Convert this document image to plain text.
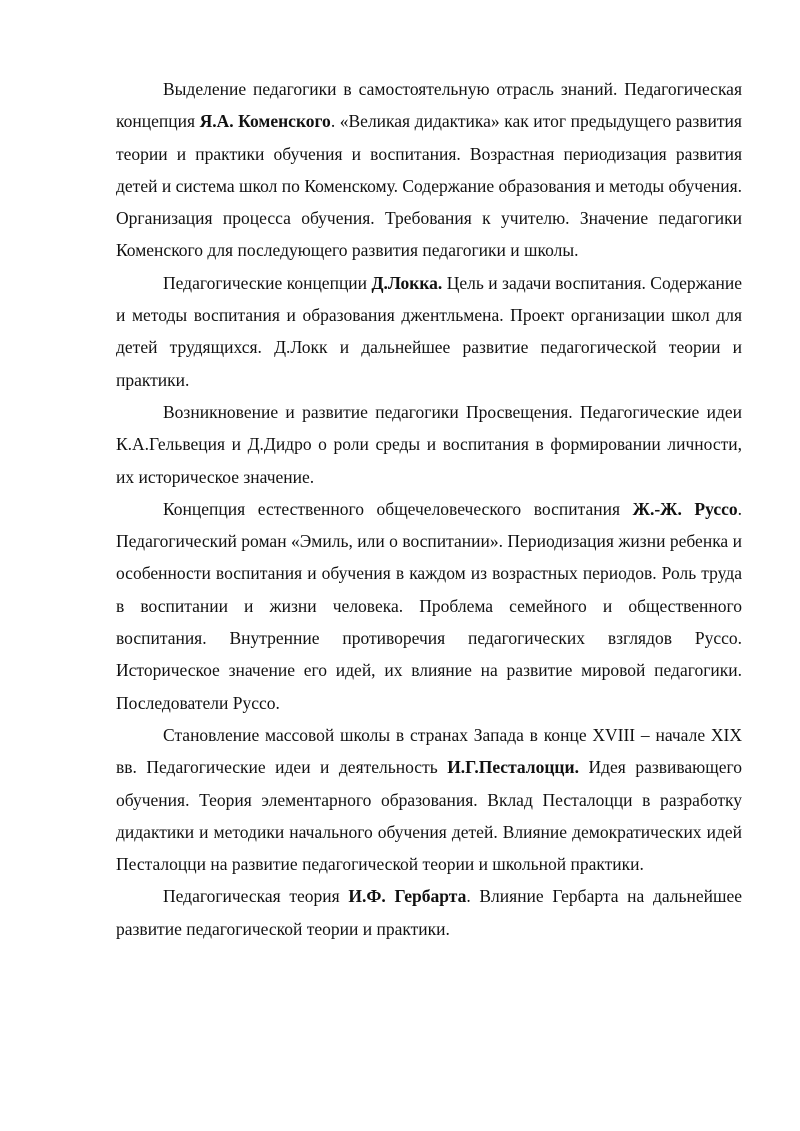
Выделение педагогики в самостоятельную отрасль знаний. Педагогическая концепция Я.А. Коменского. «Великая дидактика» как итог предыдущего развития теории и практики обучения и воспитания. Возрастная периодизация развития детей и система школ по Коменскому. Содержание образования и методы обучения. Организация процесса обучения. Требования к учителю. Значение педагогики Коменского для последующего развития педагогики и школы.

Педагогические концепции Д.Локка. Цель и задачи воспитания. Содержание и методы воспитания и образования джентльмена. Проект организации школ для детей трудящихся. Д.Локк и дальнейшее развитие педагогической теории и практики.

Возникновение и развитие педагогики Просвещения. Педагогические идеи К.А.Гельвеция и Д.Дидро о роли среды и воспитания в формировании личности, их историческое значение.

Концепция естественного общечеловеческого воспитания Ж.-Ж. Руссо. Педагогический роман «Эмиль, или о воспитании». Периодизация жизни ребенка и особенности воспитания и обучения в каждом из возрастных периодов. Роль труда в воспитании и жизни человека. Проблема семейного и общественного воспитания. Внутренние противоречия педагогических взглядов Руссо. Историческое значение его идей, их влияние на развитие мировой педагогики. Последователи Руссо.

Становление массовой школы в странах Запада в конце XVIII – начале XIX вв. Педагогические идеи и деятельность И.Г.Песталоцци. Идея развивающего обучения. Теория элементарного образования. Вклад Песталоцци в разработку дидактики и методики начального обучения детей. Влияние демократических идей Песталоцци на развитие педагогической теории и школьной практики.

Педагогическая теория И.Ф. Гербарта. Влияние Гербарта на дальнейшее развитие педагогической теории и практики.
